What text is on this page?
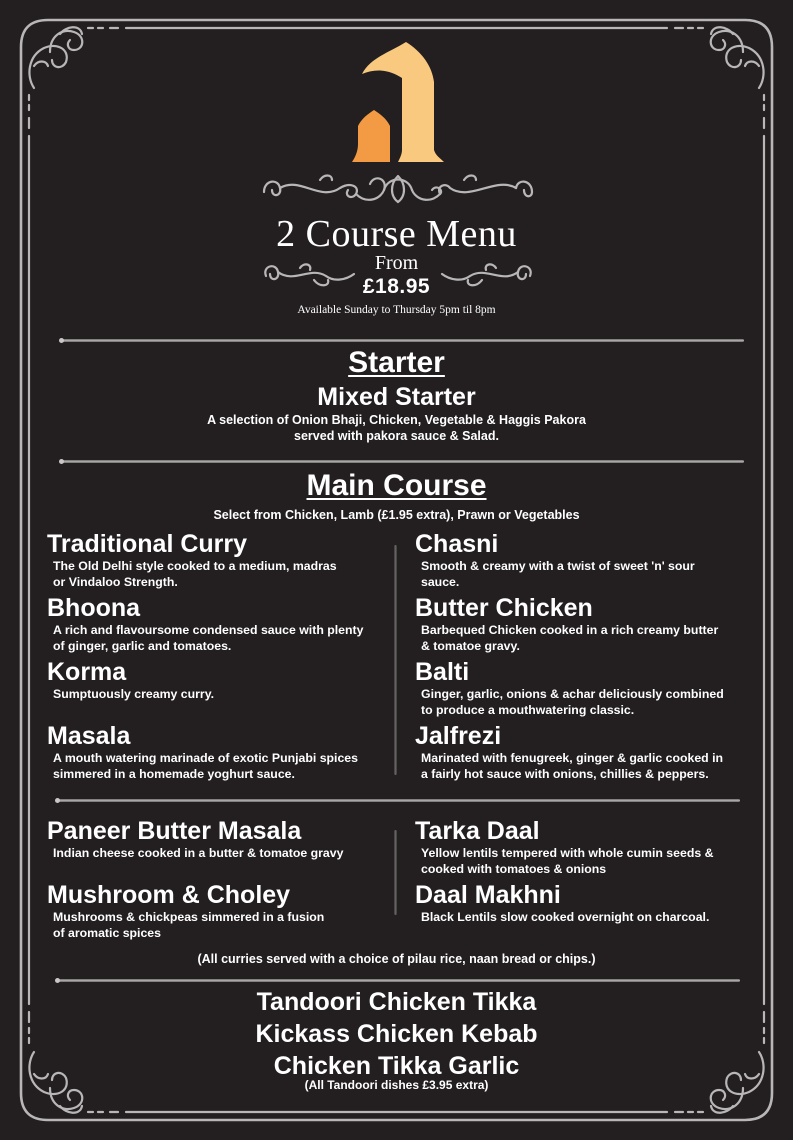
2 Course Menu
From
£18.95
Available Sunday to Thursday 5pm til 8pm
Starter
Mixed Starter
A selection of Onion Bhaji, Chicken, Vegetable & Haggis Pakora
served with pakora sauce & Salad.
Main Course
Select from Chicken, Lamb (£1.95 extra), Prawn or Vegetables
Traditional Curry
The Old Delhi style cooked to a medium, madras
or Vindaloo Strength.
Bhoona
A rich and flavoursome condensed sauce with plenty
of ginger, garlic and tomatoes.
Korma
Sumptuously creamy curry.
Masala
A mouth watering marinade of exotic Punjabi spices
simmered in a homemade yoghurt sauce.
Chasni
Smooth & creamy with a twist of sweet 'n' sour
sauce.
Butter Chicken
Barbequed Chicken cooked in a rich creamy butter
& tomatoe gravy.
Balti
Ginger, garlic, onions & achar deliciously combined
to produce a mouthwatering classic.
Jalfrezi
Marinated with fenugreek, ginger & garlic cooked in
a fairly hot sauce with onions, chillies & peppers.
Paneer Butter Masala
Indian cheese cooked in a butter & tomatoe gravy
Mushroom & Choley
Mushrooms & chickpeas simmered in a fusion
of aromatic spices
Tarka Daal
Yellow lentils tempered with whole cumin seeds &
cooked with tomatoes & onions
Daal Makhni
Black Lentils slow cooked overnight on charcoal.
(All curries served with a choice of pilau rice, naan bread or chips.)
Tandoori Chicken Tikka
Kickass Chicken Kebab
Chicken Tikka Garlic
(All Tandoori dishes £3.95 extra)
